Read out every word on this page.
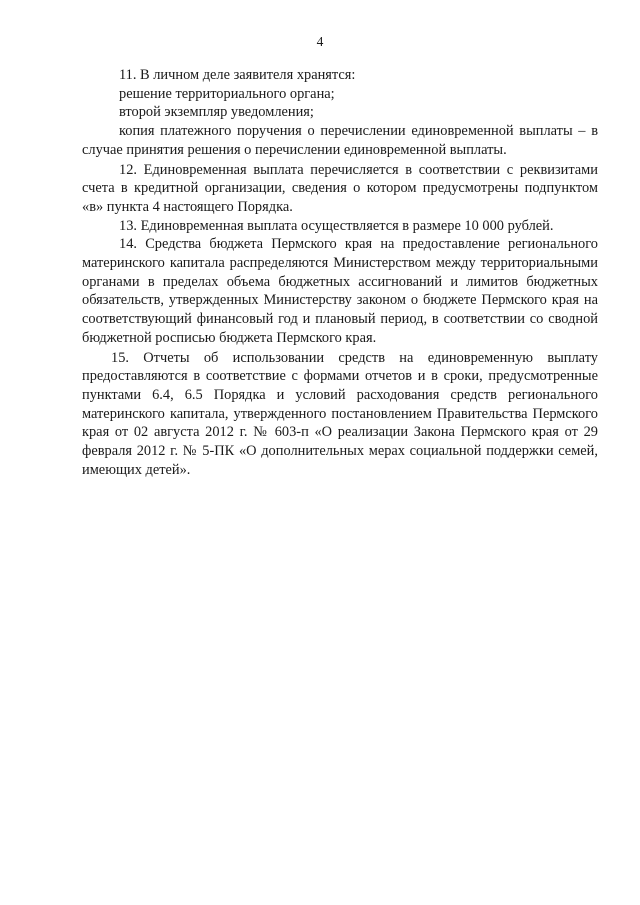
4

11. В личном деле заявителя хранятся:

решение территориального органа;

второй экземпляр уведомления;

копия платежного поручения о перечислении единовременной выплаты – в случае принятия решения о перечислении единовременной выплаты.

12. Единовременная выплата перечисляется в соответствии с реквизитами счета в кредитной организации, сведения о котором предусмотрены подпунктом «в» пункта 4 настоящего Порядка.

13. Единовременная выплата осуществляется в размере 10 000 рублей.

14. Средства бюджета Пермского края на предоставление регионального материнского капитала распределяются Министерством между территориальными органами в пределах объема бюджетных ассигнований и лимитов бюджетных обязательств, утвержденных Министерству законом о бюджете Пермского края на соответствующий финансовый год и плановый период, в соответствии со сводной бюджетной росписью бюджета Пермского края.

15. Отчеты об использовании средств на единовременную выплату предоставляются в соответствие с формами отчетов и в сроки, предусмотренные пунктами 6.4, 6.5 Порядка и условий расходования средств регионального материнского капитала, утвержденного постановлением Правительства Пермского края от 02 августа 2012 г. № 603-п «О реализации Закона Пермского края от 29 февраля 2012 г. № 5-ПК «О дополнительных мерах социальной поддержки семей, имеющих детей».
